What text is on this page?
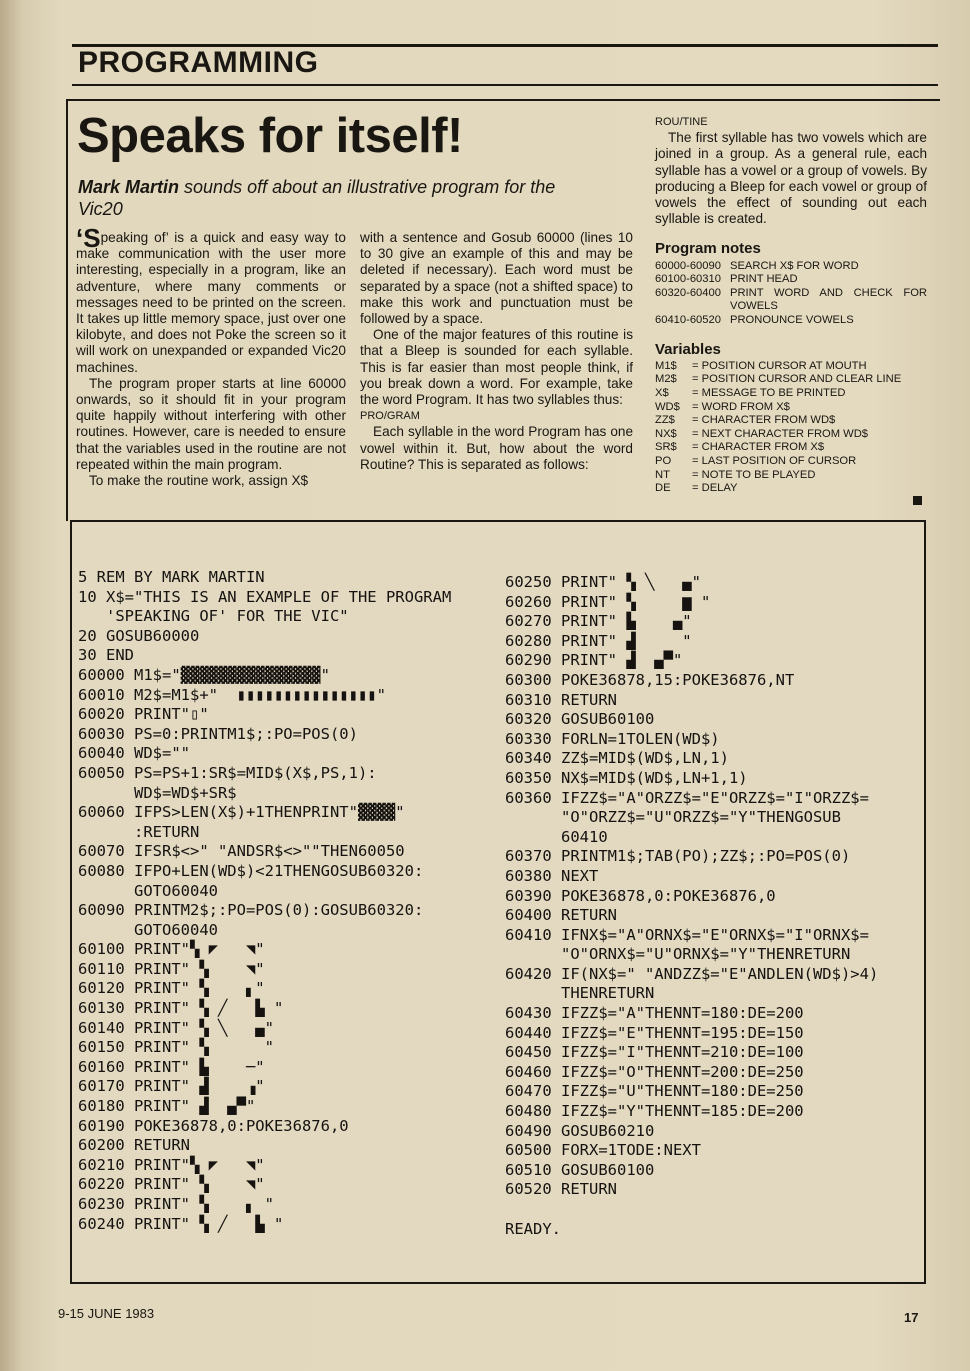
PROGRAMMING
Speaks for itself!
Mark Martin sounds off about an illustrative program for the Vic20

‘Speaking of’ is a quick and easy way to make communication with the user more interesting, especially in a program, like an adventure, where many comments or messages need to be printed on the screen. It takes up little memory space, just over one kilobyte, and does not Poke the screen so it will work on unexpanded or expanded Vic20 machines.

The program proper starts at line 60000 onwards, so it should fit in your program quite happily without interfering with other routines. However, care is needed to ensure that the variables used in the routine are not repeated within the main program.

To make the routine work, assign X$

with a sentence and Gosub 60000 (lines 10 to 30 give an example of this and may be deleted if necessary). Each word must be separated by a space (not a shifted space) to make this work and punctuation must be followed by a space.

One of the major features of this routine is that a Bleep is sounded for each syllable. This is far easier than most people think, if you break down a word. For example, take the word Program. It has two syllables thus:

PRO/GRAM

Each syllable in the word Program has one vowel within it. But, how about the word Routine? This is separated as follows:

ROU/TINE

The first syllable has two vowels which are joined in a group. As a general rule, each syllable has a vowel or a group of vowels. By producing a Bleep for each vowel or group of vowels the effect of sounding out each syllable is created.

Program notes
60000-60090 SEARCH X$ FOR WORD
60100-60310 PRINT HEAD
60320-60400 PRINT WORD AND CHECK FOR VOWELS
60410-60520 PRONOUNCE VOWELS
Variables
M1$	= POSITION CURSOR AT MOUTH
M2$	= POSITION CURSOR AND CLEAR LINE
X$	= MESSAGE TO BE PRINTED
WD$	= WORD FROM X$
ZZ$	= CHARACTER FROM WD$
NX$	= NEXT CHARACTER FROM WD$
SR$	= CHARACTER FROM X$
PO	= LAST POSITION OF CURSOR
NT	= NOTE TO BE PLAYED
DE	= DELAY
5 REM BY MARK MARTIN
10 X$="THIS IS AN EXAMPLE OF THE PROGRAM
'SPEAKING OF' FOR THE VIC"
20 GOSUB60000
30 END
60000 M1$="▓▓▓▓▓▓▓▓▓▓▓▓▓▓▓"
60010 M2$=M1$+"  ▮▮▮▮▮▮▮▮▮▮▮▮▮▮▮"
60020 PRINT"▯"
60030 PS=0:PRINTM1$;:PO=POS(0)
60040 WD$=""
60050 PS=PS+1:SR$=MID$(X$,PS,1):
WD$=WD$+SR$
60060 IFPS>LEN(X$)+1THENPRINT"▓▓▓▓"
:RETURN
60070 IFSR$<>" "ANDSR$<>""THEN60050
60080 IFPO+LEN(WD$)<21THENGOSUB60320:
GOTO60040
60090 PRINTM2$;:PO=POS(0):GOSUB60320:
GOTO60040
60100 PRINT"▚ ◤   ◥"
60110 PRINT" ▚    ◥"
60120 PRINT" ▚    ▖"
60130 PRINT" ▚ ╱   ▙ "
60140 PRINT" ▚ ╲   ▄"
60150 PRINT" ▚      "
60160 PRINT" ▙    ─"
60170 PRINT" ▟    ▗"
60180 PRINT" ▟  ▄▀"
60190 POKE36878,0:POKE36876,0
60200 RETURN
60210 PRINT"▚ ◤   ◥"
60220 PRINT" ▚    ◥"
60230 PRINT" ▚    ▖ "
60240 PRINT" ▚ ╱   ▙ "
60250 PRINT" ▚ ╲   ▄"
60260 PRINT" ▚     ▆ "
60270 PRINT" ▙    ▄"
60280 PRINT" ▟     "
60290 PRINT" ▟  ▄▀"
60300 POKE36878,15:POKE36876,NT
60310 RETURN
60320 GOSUB60100
60330 FORLN=1TOLEN(WD$)
60340 ZZ$=MID$(WD$,LN,1)
60350 NX$=MID$(WD$,LN+1,1)
60360 IFZZ$="A"ORZZ$="E"ORZZ$="I"ORZZ$=
"O"ORZZ$="U"ORZZ$="Y"THENGOSUB
60410
60370 PRINTM1$;TAB(PO);ZZ$;:PO=POS(0)
60380 NEXT
60390 POKE36878,0:POKE36876,0
60400 RETURN
60410 IFNX$="A"ORNX$="E"ORNX$="I"ORNX$=
"O"ORNX$="U"ORNX$="Y"THENRETURN
60420 IF(NX$=" "ANDZZ$="E"ANDLEN(WD$)>4)
THENRETURN
60430 IFZZ$="A"THENNT=180:DE=200
60440 IFZZ$="E"THENNT=195:DE=150
60450 IFZZ$="I"THENNT=210:DE=100
60460 IFZZ$="O"THENNT=200:DE=250
60470 IFZZ$="U"THENNT=180:DE=250
60480 IFZZ$="Y"THENNT=185:DE=200
60490 GOSUB60210
60500 FORX=1TODE:NEXT
60510 GOSUB60100
60520 RETURN

READY.
9-15 JUNE 1983	17
